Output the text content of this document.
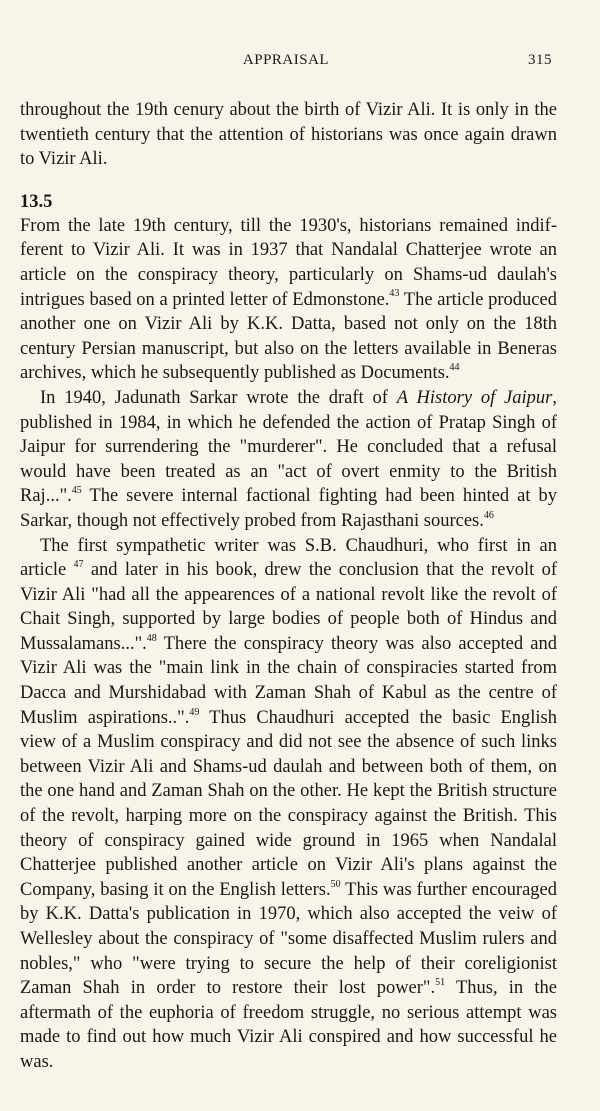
APPRAISAL	315

throughout the 19th cenury about the birth of Vizir Ali. It is only in the twentieth century that the attention of historians was once again drawn to Vizir Ali.

13.5

From the late 19th century, till the 1930's, historians remained indifferent to Vizir Ali. It was in 1937 that Nandalal Chatterjee wrote an article on the conspiracy theory, particularly on Shams-ud daulah's intrigues based on a printed letter of Edmonstone.$^{43}$ The article produced another one on Vizir Ali by K.K. Datta, based not only on the 18th century Persian manuscript, but also on the letters available in Beneras archives, which he subsequently published as Documents.$^{44}$

In 1940, Jadunath Sarkar wrote the draft of A History of Jaipur, published in 1984, in which he defended the action of Pratap Singh of Jaipur for surrendering the "murderer". He concluded that a refusal would have been treated as an "act of overt enmity to the British Raj...".$^{45}$ The severe internal factional fighting had been hinted at by Sarkar, though not effectively probed from Rajasthani sources.$^{46}$

The first sympathetic writer was S.B. Chaudhuri, who first in an article $^{47}$ and later in his book, drew the conclusion that the revolt of Vizir Ali "had all the appearences of a national revolt like the revolt of Chait Singh, supported by large bodies of people both of Hindus and Mussalamans...".$^{48}$ There the conspiracy theory was also accepted and Vizir Ali was the "main link in the chain of conspiracies started from Dacca and Murshidabad with Zaman Shah of Kabul as the centre of Muslim aspirations..".$^{49}$ Thus Chaudhuri accepted the basic English view of a Muslim conspiracy and did not see the absence of such links between Vizir Ali and Shams-ud daulah and between both of them, on the one hand and Zaman Shah on the other. He kept the British structure of the revolt, harping more on the conspiracy against the British. This theory of conspiracy gained wide ground in 1965 when Nandalal Chatterjee published another article on Vizir Ali's plans against the Company, basing it on the English letters.$^{50}$ This was further encouraged by K.K. Datta's publication in 1970, which also accepted the veiw of Wellesley about the conspiracy of "some disaffected Muslim rulers and nobles," who "were trying to secure the help of their coreligionist Zaman Shah in order to restore their lost power".$^{51}$ Thus, in the aftermath of the euphoria of freedom struggle, no serious attempt was made to find out how much Vizir Ali conspired and how successful he was.
